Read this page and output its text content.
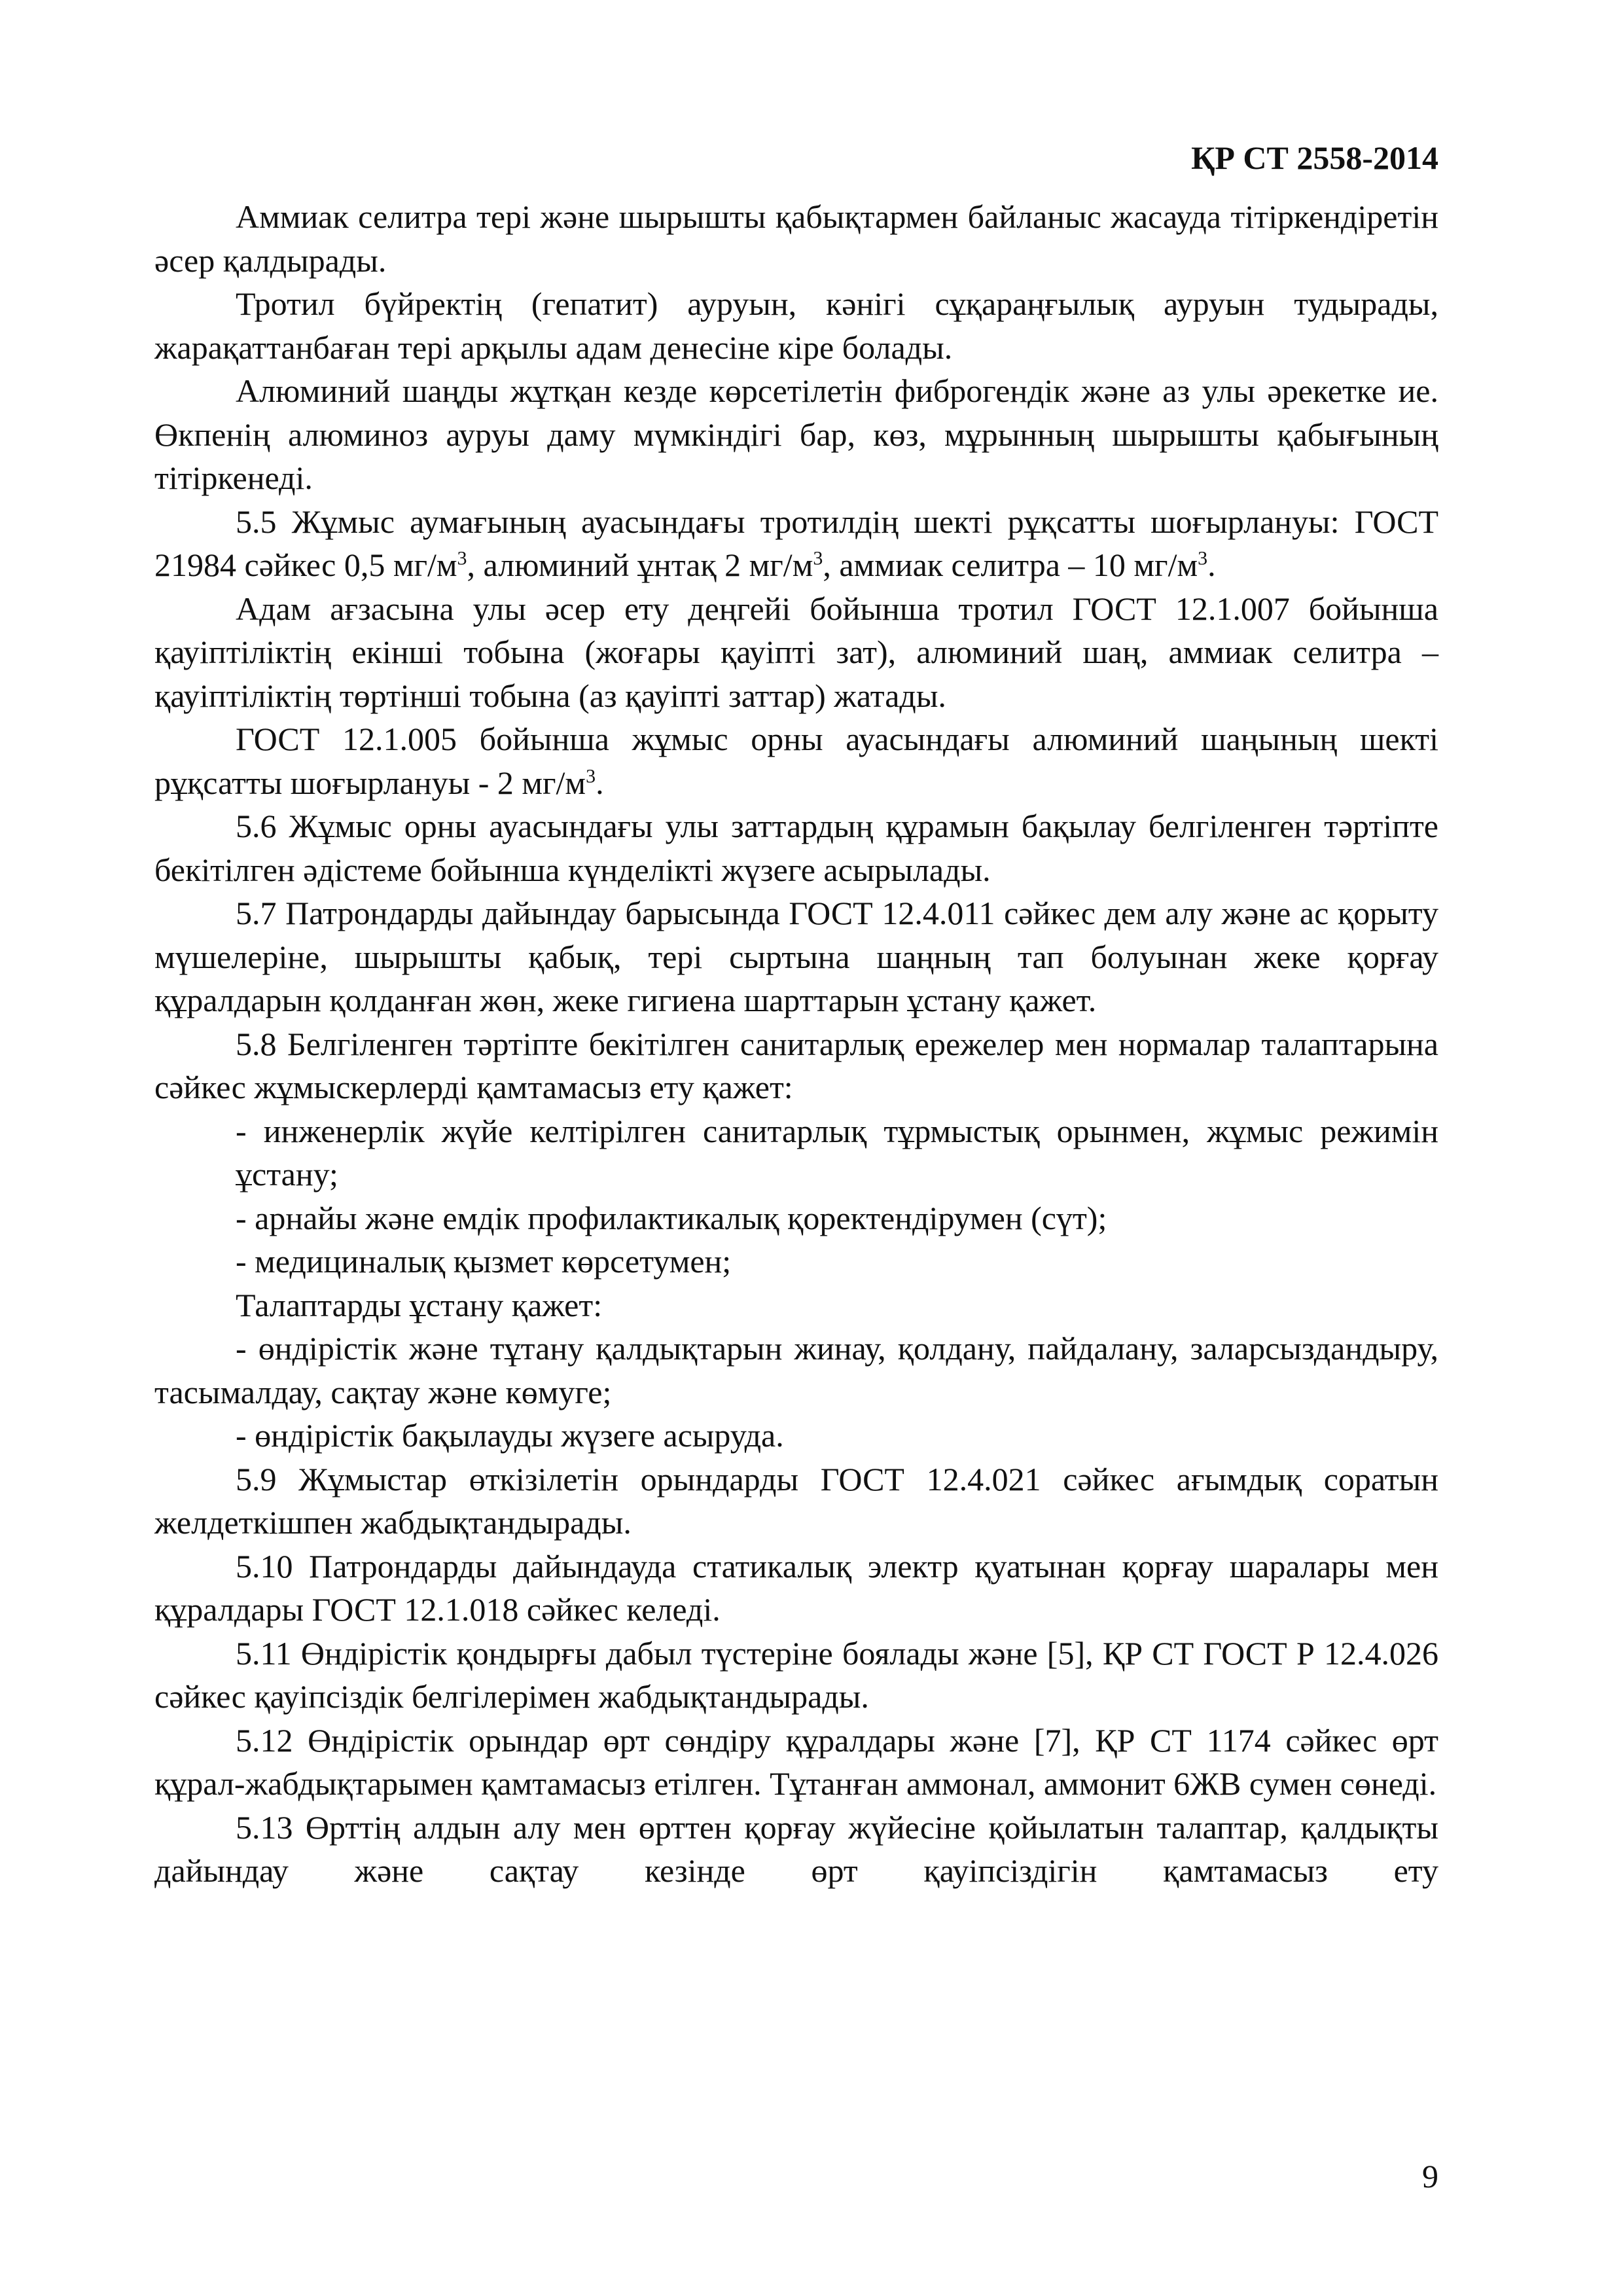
ҚР СТ 2558-2014

Аммиак селитра тері және шырышты қабықтармен байланыс жасауда тітіркендіретін әсер қалдырады.

Тротил бүйректің (гепатит) ауруын, кәнігі сұқараңғылық ауруын тудырады, жарақаттанбаған тері арқылы адам денесіне кіре болады.

Алюминий шаңды жұтқан кезде көрсетілетін фиброгендік және аз улы әрекетке ие. Өкпенің алюминоз ауруы даму мүмкіндігі бар, көз, мұрынның шырышты қабығының тітіркенеді.

5.5 Жұмыс аумағының ауасындағы тротилдің шекті рұқсатты шоғырлануы: ГОСТ 21984 сәйкес 0,5 $мг/м^3$, алюминий ұнтақ 2 $мг/м^3$, аммиак селитра – 10 $мг/м^3$.

Адам ағзасына улы әсер ету деңгейі бойынша тротил ГОСТ 12.1.007 бойынша қауіптіліктің екінші тобына (жоғары қауіпті зат), алюминий шаң, аммиак селитра – қауіптіліктің төртінші тобына (аз қауіпті заттар) жатады.

ГОСТ 12.1.005 бойынша жұмыс орны ауасындағы алюминий шаңының шекті рұқсатты шоғырлануы - 2 $мг/м^3$.

5.6 Жұмыс орны ауасындағы улы заттардың құрамын бақылау белгіленген тәртіпте бекітілген әдістеме бойынша күнделікті жүзеге асырылады.

5.7 Патрондарды дайындау барысында ГОСТ 12.4.011 сәйкес дем алу және ас қорыту мүшелеріне, шырышты қабық, тері сыртына шаңның тап болуынан жеке қорғау құралдарын қолданған жөн, жеке гигиена шарттарын ұстану қажет.

5.8 Белгіленген тәртіпте бекітілген санитарлық ережелер мен нормалар талаптарына сәйкес жұмыскерлерді қамтамасыз ету қажет:

- инженерлік жүйе келтірілген санитарлық тұрмыстық орынмен, жұмыс режимін ұстану;

- арнайы және емдік профилактикалық қоректендірумен (сүт);

- медициналық қызмет көрсетумен;

Талаптарды ұстану қажет:

- өндірістік және тұтану қалдықтарын жинау, қолдану, пайдалану, заларсыздандыру, тасымалдау, сақтау және көмуге;

- өндірістік бақылауды жүзеге асыруда.

5.9 Жұмыстар өткізілетін орындарды ГОСТ 12.4.021 сәйкес ағымдық соратын желдеткішпен жабдықтандырады.

5.10 Патрондарды дайындауда статикалық электр қуатынан қорғау шаралары мен құралдары ГОСТ 12.1.018 сәйкес келеді.

5.11 Өндірістік қондырғы дабыл түстеріне боялады және [5], ҚР СТ ГОСТ Р 12.4.026 сәйкес қауіпсіздік белгілерімен жабдықтандырады.

5.12 Өндірістік орындар өрт сөндіру құралдары және [7], ҚР СТ 1174 сәйкес өрт құрал-жабдықтарымен қамтамасыз етілген. Тұтанған аммонал, аммонит 6ЖВ сумен сөнеді.

5.13 Өрттің алдын алу мен өрттен қорғау жүйесіне қойылатын талаптар, қалдықты дайындау және сақтау кезінде өрт қауіпсіздігін қамтамасыз ету

9
